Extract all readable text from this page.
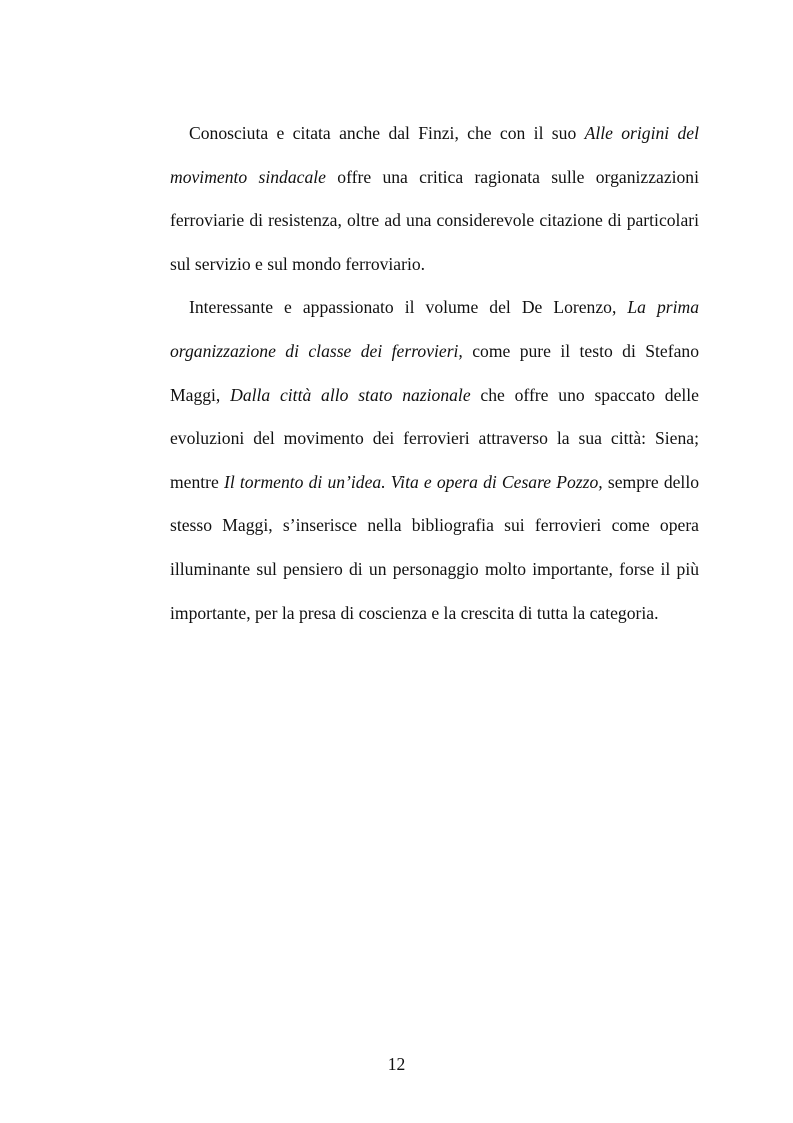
Conosciuta e citata anche dal Finzi, che con il suo Alle origini del movimento sindacale offre una critica ragionata sulle organizzazioni ferroviarie di resistenza, oltre ad una considerevole citazione di particolari sul servizio e sul mondo ferroviario.

Interessante e appassionato il volume del De Lorenzo, La prima organizzazione di classe dei ferrovieri, come pure il testo di Stefano Maggi, Dalla città allo stato nazionale che offre uno spaccato delle evoluzioni del movimento dei ferrovieri attraverso la sua città: Siena; mentre Il tormento di un’idea. Vita e opera di Cesare Pozzo, sempre dello stesso Maggi, s’inserisce nella bibliografia sui ferrovieri come opera illuminante sul pensiero di un personaggio molto importante, forse il più importante, per la presa di coscienza e la crescita di tutta la categoria.

12
